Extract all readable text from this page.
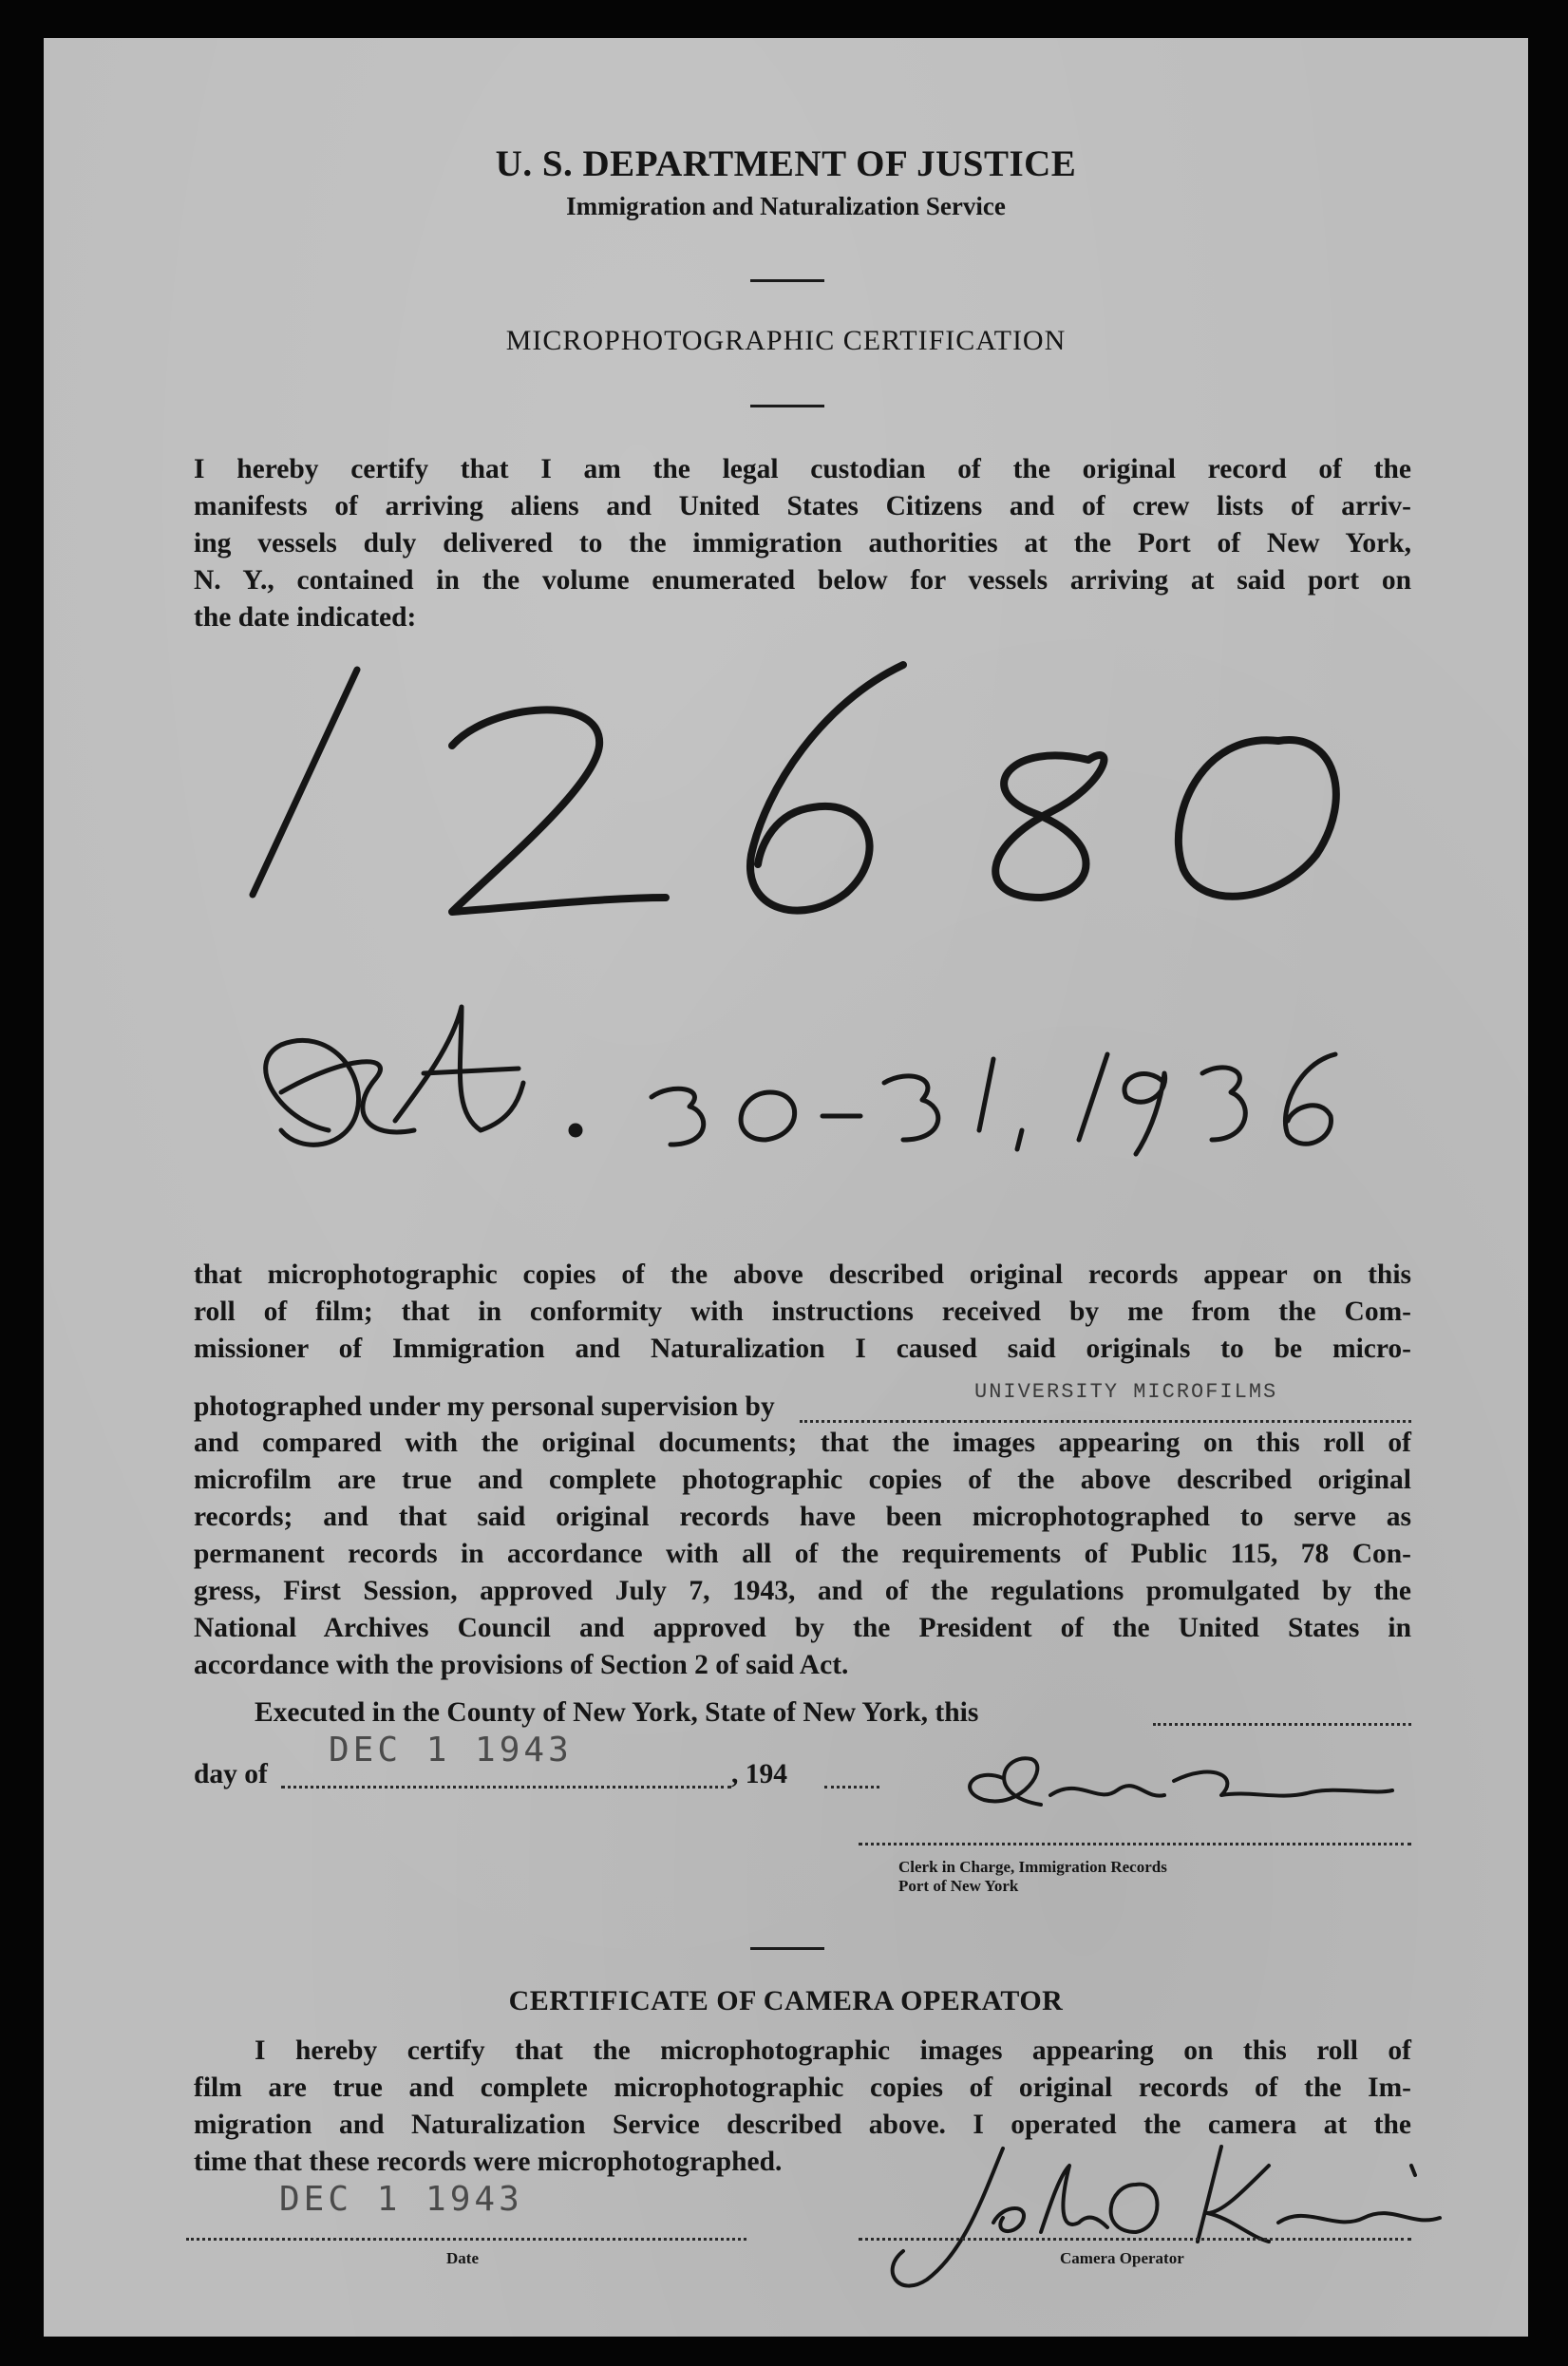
U. S. DEPARTMENT OF JUSTICE
Immigration and Naturalization Service
MICROPHOTOGRAPHIC CERTIFICATION
I hereby certify that I am the legal custodian of the original record of the
manifests of arriving aliens and United States Citizens and of crew lists of arriv-
ing vessels duly delivered to the immigration authorities at the Port of New York,
N. Y., contained in the volume enumerated below for vessels arriving at said port on
the date indicated:
that microphotographic copies of the above described original records appear on this
roll of film; that in conformity with instructions received by me from the Com-
missioner of Immigration and Naturalization I caused said originals to be micro-
photographed under my personal supervision by	UNIVERSITY MICROFILMS
and compared with the original documents; that the images appearing on this roll of
microfilm are true and complete photographic copies of the above described original
records; and that said original records have been microphotographed to serve as
permanent records in accordance with all of the requirements of Public 115, 78 Con-
gress, First Session, approved July 7, 1943, and of the regulations promulgated by the
National Archives Council and approved by the President of the United States in
accordance with the provisions of Section 2 of said Act.
Executed in the County of New York, State of New York, this
day of
DEC 1 1943
, 194
Clerk in Charge, Immigration Records
Port of New York
CERTIFICATE OF CAMERA OPERATOR
I hereby certify that the microphotographic images appearing on this roll of
film are true and complete microphotographic copies of original records of the Im-
migration and Naturalization Service described above. I operated the camera at the
time that these records were microphotographed.
DEC 1 1943
Date	Camera Operator
